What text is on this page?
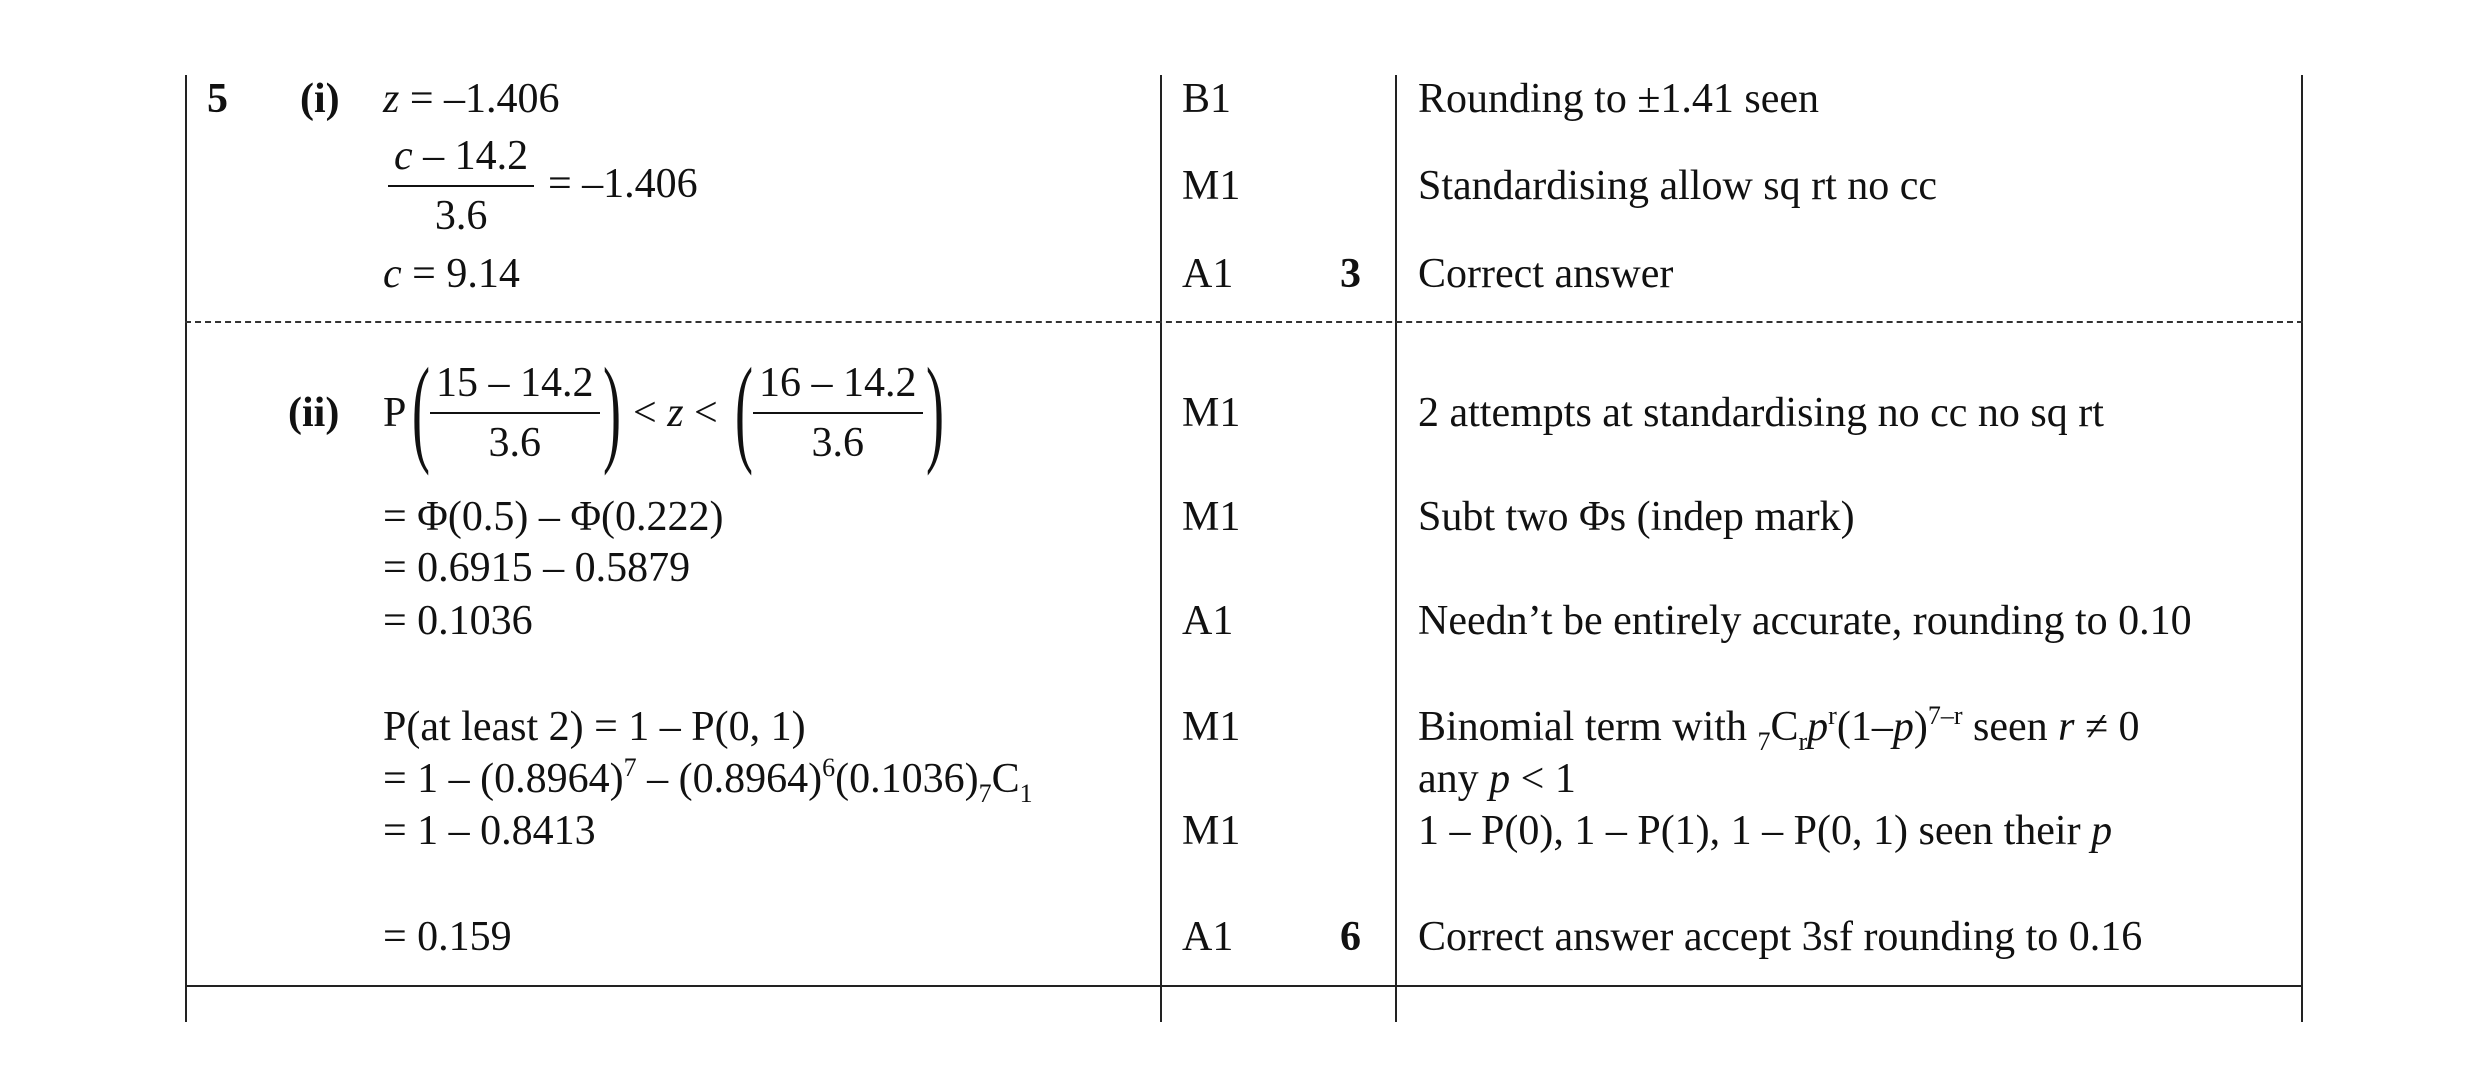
5 (i) z = –1.406
c – 14.2
3.6
= –1.406
c = 9.14
B1
M1
A1	3
Rounding to ±1.41 seen
Standardising allow sq rt no cc
Correct answer
(ii) P ( 15 – 14.2
3.6 ) < z < ( 16 – 14.2
3.6 )
= Φ(0.5) – Φ(0.222)
= 0.6915 – 0.5879
= 0.1036
P(at least 2) = 1 – P(0, 1)
= $1 - (0.8964)^7 - (0.8964)^6(0.1036)_7C_1$
= 1 – 0.8413
= 0.159
M1
M1
A1
M1
M1
A1	6
2 attempts at standardising no cc no sq rt
Subt two Φs (indep mark)
Needn’t be entirely accurate, rounding to 0.10
Binomial term with $_7C_rp^r(1-p)^{7-r}$ seen r ≠ 0
any p < 1
1 – P(0), 1 – P(1), 1 – P(0, 1) seen their p
Correct answer accept 3sf rounding to 0.16
